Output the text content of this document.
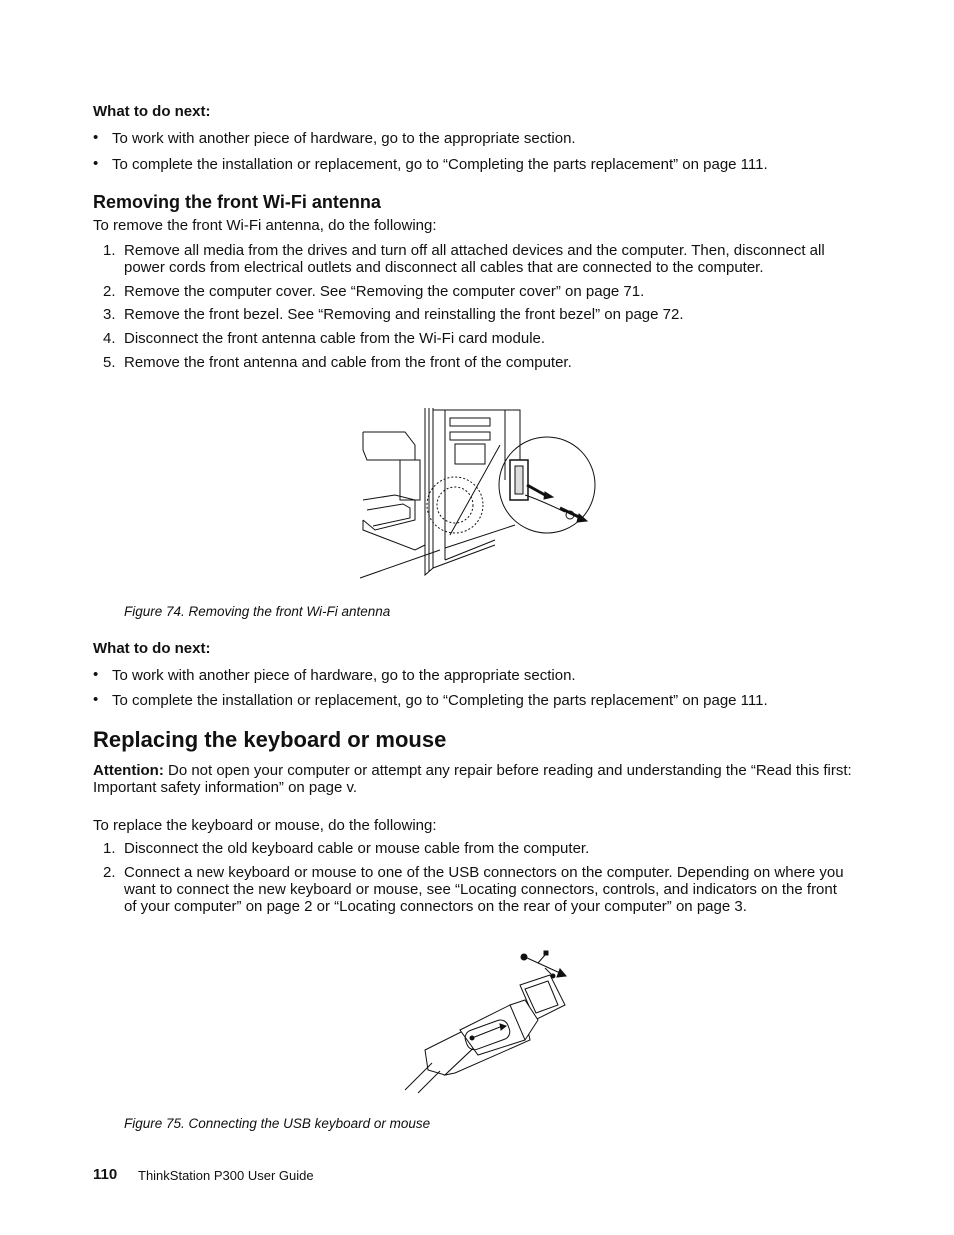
What to do next:
• To work with another piece of hardware, go to the appropriate section.
• To complete the installation or replacement, go to “Completing the parts replacement” on page 111.
Removing the front Wi-Fi antenna
To remove the front Wi-Fi antenna, do the following:
1. Remove all media from the drives and turn off all attached devices and the computer. Then, disconnect all power cords from electrical outlets and disconnect all cables that are connected to the computer.
2. Remove the computer cover. See “Removing the computer cover” on page 71.
3. Remove the front bezel. See “Removing and reinstalling the front bezel” on page 72.
4. Disconnect the front antenna cable from the Wi-Fi card module.
5. Remove the front antenna and cable from the front of the computer.
Figure 74. Removing the front Wi-Fi antenna
What to do next:
• To work with another piece of hardware, go to the appropriate section.
• To complete the installation or replacement, go to “Completing the parts replacement” on page 111.
Replacing the keyboard or mouse
Attention: Do not open your computer or attempt any repair before reading and understanding the “Read this first: Important safety information” on page v.
To replace the keyboard or mouse, do the following:
1. Disconnect the old keyboard cable or mouse cable from the computer.
2. Connect a new keyboard or mouse to one of the USB connectors on the computer. Depending on where you want to connect the new keyboard or mouse, see “Locating connectors, controls, and indicators on the front of your computer” on page 2 or “Locating connectors on the rear of your computer” on page 3.
Figure 75. Connecting the USB keyboard or mouse
110 ThinkStation P300 User Guide
